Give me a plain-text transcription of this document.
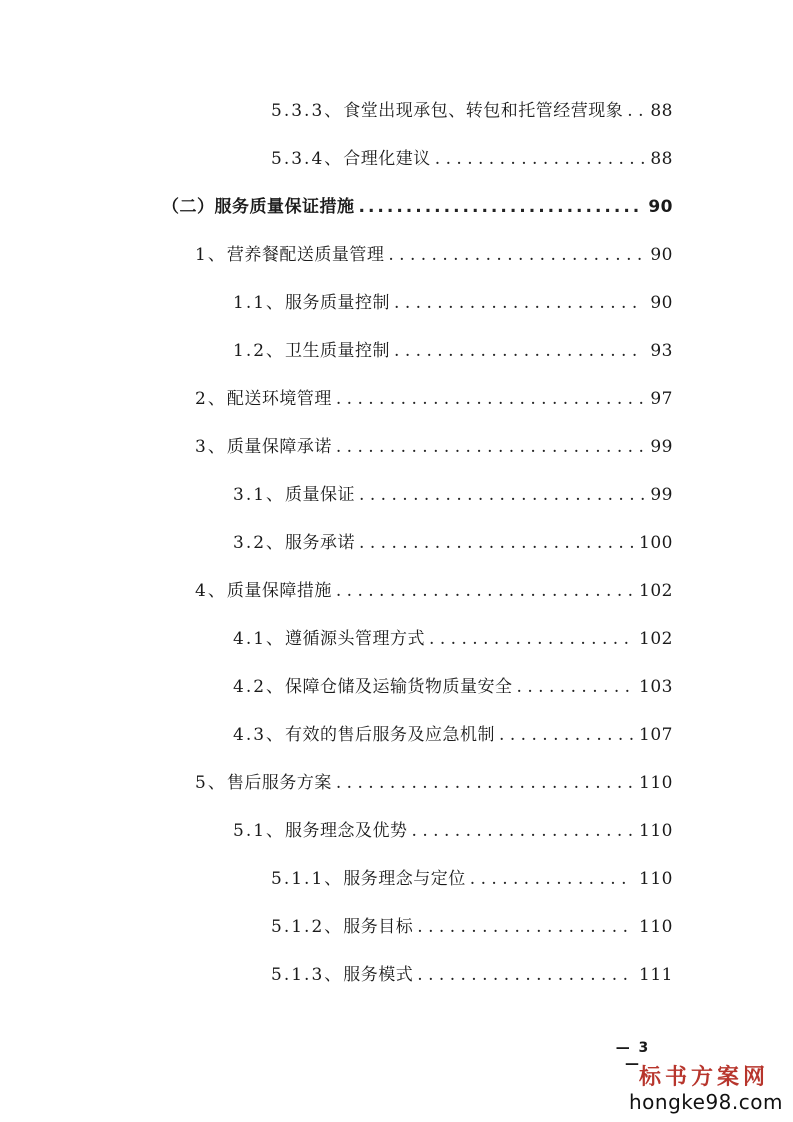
5.3.3、 食堂出现承包、转包和托管经营现象 . . . 88
5.3.4、 合理化建议 . . .	88
（二）服务质量保证措施 .....	90
1、 营养餐配送质量管理 . . .	90
1.1、 服务质量控制 . . .	90
1.2、 卫生质量控制 . . .	93
2、 配送环境管理 . . .	97
3、 质量保障承诺 . . .	99
3.1、 质量保证 . . .	99
3.2、 服务承诺 . . .	100
4、 质量保障措施 . . .	102
4.1、 遵循源头管理方式 . . .	102
4.2、 保障仓储及运输货物质量安全 . . .	103
4.3、 有效的售后服务及应急机制 . . .	107
5、 售后服务方案 . . .	110
5.1、 服务理念及优势 . . .	110
5.1.1、 服务理念与定位 . . .	110
5.1.2、 服务目标 . . .	110
5.1.3、 服务模式 . . .	111
— 3 —
标书方案网
hongke98.com
